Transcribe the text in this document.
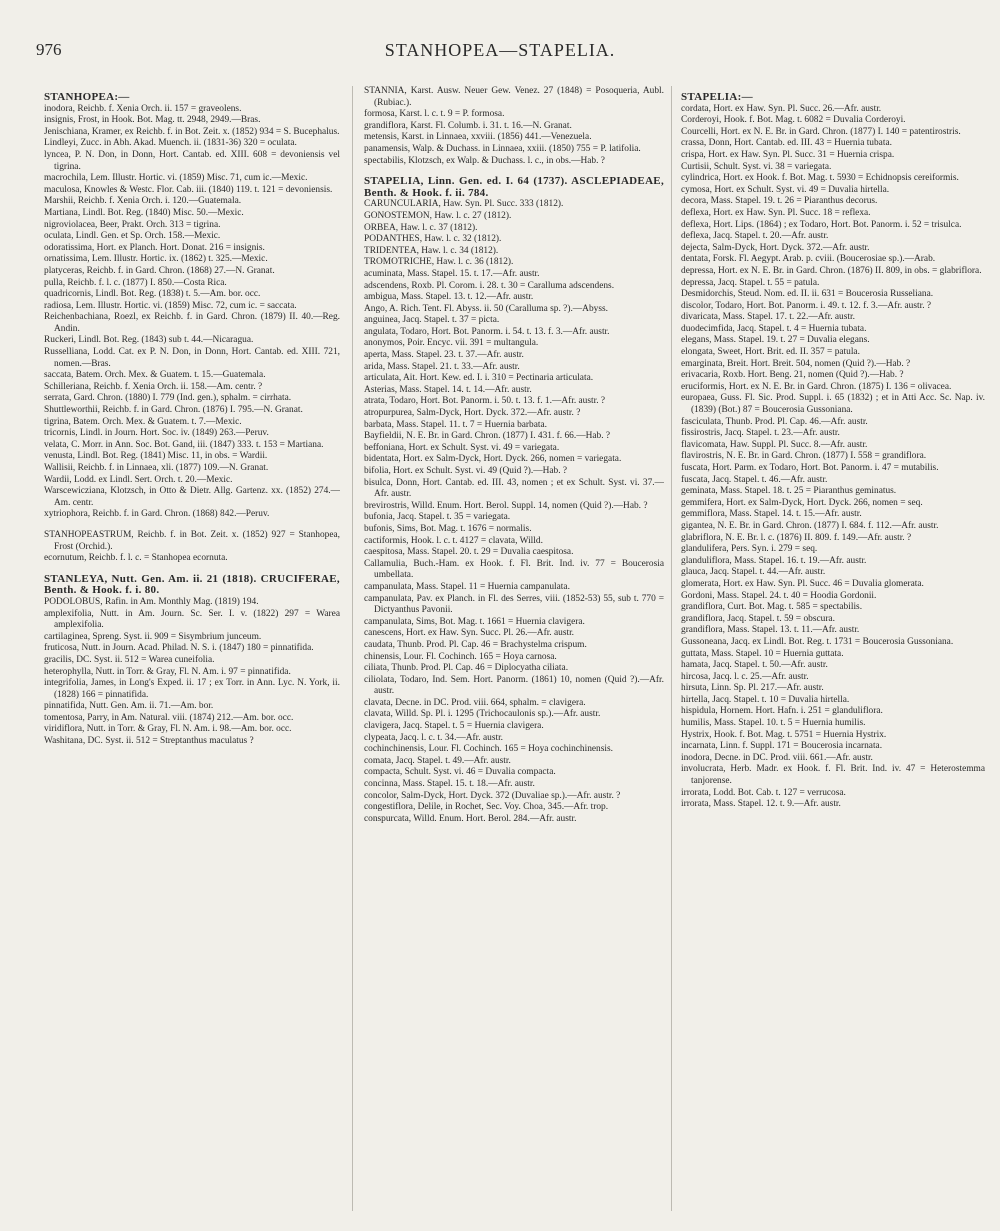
976	STANHOPEA—STAPELIA.

STANHOPEA:—

inodora, Reichb. f. Xenia Orch. ii. 157 = graveolens.

insignis, Frost, in Hook. Bot. Mag. tt. 2948, 2949.—Bras.

Jenischiana, Kramer, ex Reichb. f. in Bot. Zeit. x. (1852) 934 = S. Bucephalus.

Lindleyi, Zucc. in Abh. Akad. Muench. ii. (1831-36) 320 = oculata.

lyncea, P. N. Don, in Donn, Hort. Cantab. ed. XIII. 608 = devoniensis vel tigrina.

macrochila, Lem. Illustr. Hortic. vi. (1859) Misc. 71, cum ic.—Mexic.

maculosa, Knowles & Westc. Flor. Cab. iii. (1840) 119. t. 121 = devoniensis.

Marshii, Reichb. f. Xenia Orch. i. 120.—Guatemala.

Martiana, Lindl. Bot. Reg. (1840) Misc. 50.—Mexic.

nigroviolacea, Beer, Prakt. Orch. 313 = tigrina.

oculata, Lindl. Gen. et Sp. Orch. 158.—Mexic.

odoratissima, Hort. ex Planch. Hort. Donat. 216 = insignis.

ornatissima, Lem. Illustr. Hortic. ix. (1862) t. 325.—Mexic.

platyceras, Reichb. f. in Gard. Chron. (1868) 27.—N. Granat.

pulla, Reichb. f. l. c. (1877) I. 850.—Costa Rica.

quadricornis, Lindl. Bot. Reg. (1838) t. 5.—Am. bor. occ.

radiosa, Lem. Illustr. Hortic. vi. (1859) Misc. 72, cum ic. = saccata.

Reichenbachiana, Roezl, ex Reichb. f. in Gard. Chron. (1879) II. 40.—Reg. Andin.

Ruckeri, Lindl. Bot. Reg. (1843) sub t. 44.—Nicaragua.

Russelliana, Lodd. Cat. ex P. N. Don, in Donn, Hort. Cantab. ed. XIII. 721, nomen.—Bras.

saccata, Batem. Orch. Mex. & Guatem. t. 15.—Guatemala.

Schilleriana, Reichb. f. Xenia Orch. ii. 158.—Am. centr. ?

serrata, Gard. Chron. (1880) I. 779 (Ind. gen.), sphalm. = cirrhata.

Shuttleworthii, Reichb. f. in Gard. Chron. (1876) I. 795.—N. Granat.

tigrina, Batem. Orch. Mex. & Guatem. t. 7.—Mexic.

tricornis, Lindl. in Journ. Hort. Soc. iv. (1849) 263.—Peruv.

velata, C. Morr. in Ann. Soc. Bot. Gand, iii. (1847) 333. t. 153 = Martiana.

venusta, Lindl. Bot. Reg. (1841) Misc. 11, in obs. = Wardii.

Wallisii, Reichb. f. in Linnaea, xli. (1877) 109.—N. Granat.

Wardii, Lodd. ex Lindl. Sert. Orch. t. 20.—Mexic.

Warscewicziana, Klotzsch, in Otto & Dietr. Allg. Gartenz. xx. (1852) 274.—Am. centr.

xytriophora, Reichb. f. in Gard. Chron. (1868) 842.—Peruv.

STANHOPEASTRUM, Reichb. f. in Bot. Zeit. x. (1852) 927 = Stanhopea, Frost (Orchid.).

ecornutum, Reichb. f. l. c. = Stanhopea ecornuta.

STANLEYA, Nutt. Gen. Am. ii. 21 (1818). CRUCIFERAE, Benth. & Hook. f. i. 80.

PODOLOBUS, Rafin. in Am. Monthly Mag. (1819) 194.

amplexifolia, Nutt. in Am. Journ. Sc. Ser. I. v. (1822) 297 = Warea amplexifolia.

cartilaginea, Spreng. Syst. ii. 909 = Sisymbrium junceum.

fruticosa, Nutt. in Journ. Acad. Philad. N. S. i. (1847) 180 = pinnatifida.

gracilis, DC. Syst. ii. 512 = Warea cuneifolia.

heterophylla, Nutt. in Torr. & Gray, Fl. N. Am. i. 97 = pinnatifida.

integrifolia, James, in Long's Exped. ii. 17 ; ex Torr. in Ann. Lyc. N. York, ii. (1828) 166 = pinnatifida.

pinnatifida, Nutt. Gen. Am. ii. 71.—Am. bor.

tomentosa, Parry, in Am. Natural. viii. (1874) 212.—Am. bor. occ.

viridiflora, Nutt. in Torr. & Gray, Fl. N. Am. i. 98.—Am. bor. occ.

Washitana, DC. Syst. ii. 512 = Streptanthus maculatus ?

STANNIA, Karst. Ausw. Neuer Gew. Venez. 27 (1848) = Posoqueria, Aubl. (Rubiac.).

formosa, Karst. l. c. t. 9 = P. formosa.

grandiflora, Karst. Fl. Columb. i. 31. t. 16.—N. Granat.

metensis, Karst. in Linnaea, xxviii. (1856) 441.—Venezuela.

panamensis, Walp. & Duchass. in Linnaea, xxiii. (1850) 755 = P. latifolia.

spectabilis, Klotzsch, ex Walp. & Duchass. l. c., in obs.—Hab. ?

STAPELIA, Linn. Gen. ed. I. 64 (1737). ASCLEPIADEAE, Benth. & Hook. f. ii. 784.

CARUNCULARIA, Haw. Syn. Pl. Succ. 333 (1812).

GONOSTEMON, Haw. l. c. 27 (1812).

ORBEA, Haw. l. c. 37 (1812).

PODANTHES, Haw. l. c. 32 (1812).

TRIDENTEA, Haw. l. c. 34 (1812).

TROMOTRICHE, Haw. l. c. 36 (1812).

acuminata, Mass. Stapel. 15. t. 17.—Afr. austr.

adscendens, Roxb. Pl. Corom. i. 28. t. 30 = Caralluma adscendens.

ambigua, Mass. Stapel. 13. t. 12.—Afr. austr.

Ango, A. Rich. Tent. Fl. Abyss. ii. 50 (Caralluma sp. ?).—Abyss.

anguinea, Jacq. Stapel. t. 37 = picta.

angulata, Todaro, Hort. Bot. Panorm. i. 54. t. 13. f. 3.—Afr. austr.

anonymos, Poir. Encyc. vii. 391 = multangula.

aperta, Mass. Stapel. 23. t. 37.—Afr. austr.

arida, Mass. Stapel. 21. t. 33.—Afr. austr.

articulata, Ait. Hort. Kew. ed. I. i. 310 = Pectinaria articulata.

Asterias, Mass. Stapel. 14. t. 14.—Afr. austr.

atrata, Todaro, Hort. Bot. Panorm. i. 50. t. 13. f. 1.—Afr. austr. ?

atropurpurea, Salm-Dyck, Hort. Dyck. 372.—Afr. austr. ?

barbata, Mass. Stapel. 11. t. 7 = Huernia barbata.

Bayfieldii, N. E. Br. in Gard. Chron. (1877) I. 431. f. 66.—Hab. ?

beffoniana, Hort. ex Schult. Syst. vi. 49 = variegata.

bidentata, Hort. ex Salm-Dyck, Hort. Dyck. 266, nomen = variegata.

bifolia, Hort. ex Schult. Syst. vi. 49 (Quid ?).—Hab. ?

bisulca, Donn, Hort. Cantab. ed. III. 43, nomen ; et ex Schult. Syst. vi. 37.—Afr. austr.

brevirostris, Willd. Enum. Hort. Berol. Suppl. 14, nomen (Quid ?).—Hab. ?

bufonia, Jacq. Stapel. t. 35 = variegata.

bufonis, Sims, Bot. Mag. t. 1676 = normalis.

cactiformis, Hook. l. c. t. 4127 = clavata, Willd.

caespitosa, Mass. Stapel. 20. t. 29 = Duvalia caespitosa.

Callamulia, Buch.-Ham. ex Hook. f. Fl. Brit. Ind. iv. 77 = Boucerosia umbellata.

campanulata, Mass. Stapel. 11 = Huernia campanulata.

campanulata, Pav. ex Planch. in Fl. des Serres, viii. (1852-53) 55, sub t. 770 = Dictyanthus Pavonii.

campanulata, Sims, Bot. Mag. t. 1661 = Huernia clavigera.

canescens, Hort. ex Haw. Syn. Succ. Pl. 26.—Afr. austr.

caudata, Thunb. Prod. Pl. Cap. 46 = Brachystelma crispum.

chinensis, Lour. Fl. Cochinch. 165 = Hoya carnosa.

ciliata, Thunb. Prod. Pl. Cap. 46 = Diplocyatha ciliata.

ciliolata, Todaro, Ind. Sem. Hort. Panorm. (1861) 10, nomen (Quid ?).—Afr. austr.

clavata, Decne. in DC. Prod. viii. 664, sphalm. = clavigera.

clavata, Willd. Sp. Pl. i. 1295 (Trichocaulonis sp.).—Afr. austr.

clavigera, Jacq. Stapel. t. 5 = Huernia clavigera.

clypeata, Jacq. l. c. t. 34.—Afr. austr.

cochinchinensis, Lour. Fl. Cochinch. 165 = Hoya cochinchinensis.

comata, Jacq. Stapel. t. 49.—Afr. austr.

compacta, Schult. Syst. vi. 46 = Duvalia compacta.

concinna, Mass. Stapel. 15. t. 18.—Afr. austr.

concolor, Salm-Dyck, Hort. Dyck. 372 (Duvaliae sp.).—Afr. austr. ?

congestiflora, Delile, in Rochet, Sec. Voy. Choa, 345.—Afr. trop.

conspurcata, Willd. Enum. Hort. Berol. 284.—Afr. austr.

STAPELIA:—

cordata, Hort. ex Haw. Syn. Pl. Succ. 26.—Afr. austr.

Corderoyi, Hook. f. Bot. Mag. t. 6082 = Duvalia Corderoyi.

Courcelli, Hort. ex N. E. Br. in Gard. Chron. (1877) I. 140 = patentirostris.

crassa, Donn, Hort. Cantab. ed. III. 43 = Huernia tubata.

crispa, Hort. ex Haw. Syn. Pl. Succ. 31 = Huernia crispa.

Curtisii, Schult. Syst. vi. 38 = variegata.

cylindrica, Hort. ex Hook. f. Bot. Mag. t. 5930 = Echidnopsis cereiformis.

cymosa, Hort. ex Schult. Syst. vi. 49 = Duvalia hirtella.

decora, Mass. Stapel. 19. t. 26 = Piaranthus decorus.

deflexa, Hort. ex Haw. Syn. Pl. Succ. 18 = reflexa.

deflexa, Hort. Lips. (1864) ; ex Todaro, Hort. Bot. Panorm. i. 52 = trisulca.

deflexa, Jacq. Stapel. t. 20.—Afr. austr.

dejecta, Salm-Dyck, Hort. Dyck. 372.—Afr. austr.

dentata, Forsk. Fl. Aegypt. Arab. p. cviii. (Boucerosiae sp.).—Arab.

depressa, Hort. ex N. E. Br. in Gard. Chron. (1876) II. 809, in obs. = glabriflora.

depressa, Jacq. Stapel. t. 55 = patula.

Desmidorchis, Steud. Nom. ed. II. ii. 631 = Boucerosia Russeliana.

discolor, Todaro, Hort. Bot. Panorm. i. 49. t. 12. f. 3.—Afr. austr. ?

divaricata, Mass. Stapel. 17. t. 22.—Afr. austr.

duodecimfida, Jacq. Stapel. t. 4 = Huernia tubata.

elegans, Mass. Stapel. 19. t. 27 = Duvalia elegans.

elongata, Sweet, Hort. Brit. ed. II. 357 = patula.

emarginata, Breit. Hort. Breit. 504, nomen (Quid ?).—Hab. ?

erivacaria, Roxb. Hort. Beng. 21, nomen (Quid ?).—Hab. ?

eruciformis, Hort. ex N. E. Br. in Gard. Chron. (1875) I. 136 = olivacea.

europaea, Guss. Fl. Sic. Prod. Suppl. i. 65 (1832) ; et in Atti Acc. Sc. Nap. iv. (1839) (Bot.) 87 = Boucerosia Gussoniana.

fasciculata, Thunb. Prod. Pl. Cap. 46.—Afr. austr.

fissirostris, Jacq. Stapel. t. 23.—Afr. austr.

flavicomata, Haw. Suppl. Pl. Succ. 8.—Afr. austr.

flavirostris, N. E. Br. in Gard. Chron. (1877) I. 558 = grandiflora.

fuscata, Hort. Parm. ex Todaro, Hort. Bot. Panorm. i. 47 = mutabilis.

fuscata, Jacq. Stapel. t. 46.—Afr. austr.

geminata, Mass. Stapel. 18. t. 25 = Piaranthus geminatus.

gemmifera, Hort. ex Salm-Dyck, Hort. Dyck. 266, nomen = seq.

gemmiflora, Mass. Stapel. 14. t. 15.—Afr. austr.

gigantea, N. E. Br. in Gard. Chron. (1877) I. 684. f. 112.—Afr. austr.

glabriflora, N. E. Br. l. c. (1876) II. 809. f. 149.—Afr. austr. ?

glandulifera, Pers. Syn. i. 279 = seq.

glanduliflora, Mass. Stapel. 16. t. 19.—Afr. austr.

glauca, Jacq. Stapel. t. 44.—Afr. austr.

glomerata, Hort. ex Haw. Syn. Pl. Succ. 46 = Duvalia glomerata.

Gordoni, Mass. Stapel. 24. t. 40 = Hoodia Gordonii.

grandiflora, Curt. Bot. Mag. t. 585 = spectabilis.

grandiflora, Jacq. Stapel. t. 59 = obscura.

grandiflora, Mass. Stapel. 13. t. 11.—Afr. austr.

Gussoneana, Jacq. ex Lindl. Bot. Reg. t. 1731 = Boucerosia Gussoniana.

guttata, Mass. Stapel. 10 = Huernia guttata.

hamata, Jacq. Stapel. t. 50.—Afr. austr.

hircosa, Jacq. l. c. 25.—Afr. austr.

hirsuta, Linn. Sp. Pl. 217.—Afr. austr.

hirtella, Jacq. Stapel. t. 10 = Duvalia hirtella.

hispidula, Hornem. Hort. Hafn. i. 251 = glanduliflora.

humilis, Mass. Stapel. 10. t. 5 = Huernia humilis.

Hystrix, Hook. f. Bot. Mag. t. 5751 = Huernia Hystrix.

incarnata, Linn. f. Suppl. 171 = Boucerosia incarnata.

inodora, Decne. in DC. Prod. viii. 661.—Afr. austr.

involucrata, Herb. Madr. ex Hook. f. Fl. Brit. Ind. iv. 47 = Heterostemma tanjorense.

irrorata, Lodd. Bot. Cab. t. 127 = verrucosa.

irrorata, Mass. Stapel. 12. t. 9.—Afr. austr.
